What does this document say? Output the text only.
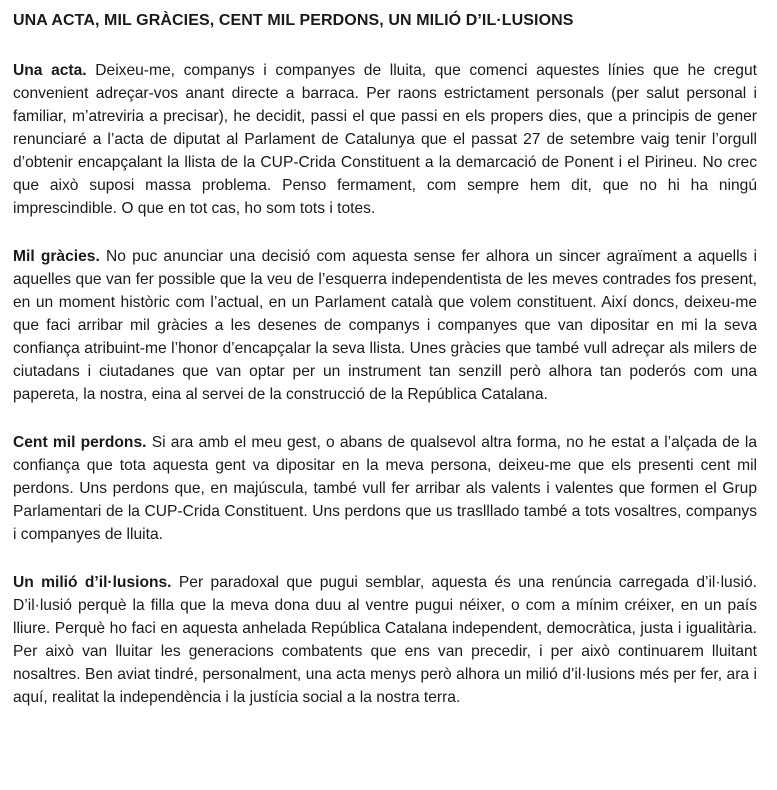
UNA ACTA, MIL GRÀCIES, CENT MIL PERDONS, UN MILIÓ D’IL·LUSIONS

Una acta. Deixeu-me, companys i companyes de lluita, que comenci aquestes línies que he cregut convenient adreçar-vos anant directe a barraca. Per raons estrictament personals (per salut personal i familiar, m’atreviria a precisar), he decidit, passi el que passi en els propers dies, que a principis de gener renunciaré a l’acta de diputat al Parlament de Catalunya que el passat 27 de setembre vaig tenir l’orgull d’obtenir encapçalant la llista de la CUP-Crida Constituent a la demarcació de Ponent i el Pirineu. No crec que això suposi massa problema. Penso fermament, com sempre hem dit, que no hi ha ningú imprescindible. O que en tot cas, ho som tots i totes.

Mil gràcies. No puc anunciar una decisió com aquesta sense fer alhora un sincer agraïment a aquells i aquelles que van fer possible que la veu de l’esquerra independentista de les meves contrades fos present, en un moment històric com l’actual, en un Parlament català que volem constituent. Així doncs, deixeu-me que faci arribar mil gràcies a les desenes de companys i companyes que van dipositar en mi la seva confiança atribuint-me l’honor d’encapçalar la seva llista. Unes gràcies que també vull adreçar als milers de ciutadans i ciutadanes que van optar per un instrument tan senzill però alhora tan poderós com una papereta, la nostra, eina al servei de la construcció de la República Catalana.

Cent mil perdons. Si ara amb el meu gest, o abans de qualsevol altra forma, no he estat a l’alçada de la confiança que tota aquesta gent va dipositar en la meva persona, deixeu-me que els presenti cent mil perdons. Uns perdons que, en majúscula, també vull fer arribar als valents i valentes que formen el Grup Parlamentari de la CUP-Crida Constituent. Uns perdons que us traslllado també a tots vosaltres, companys i companyes de lluita.

Un milió d’il·lusions. Per paradoxal que pugui semblar, aquesta és una renúncia carregada d’il·lusió. D’il·lusió perquè la filla que la meva dona duu al ventre pugui néixer, o com a mínim créixer, en un país lliure. Perquè ho faci en aquesta anhelada República Catalana independent, democràtica, justa i igualitària. Per això van lluitar les generacions combatents que ens van precedir, i per això continuarem lluitant nosaltres. Ben aviat tindré, personalment, una acta menys però alhora un milió d’il·lusions més per fer, ara i aquí, realitat la independència i la justícia social a la nostra terra.
